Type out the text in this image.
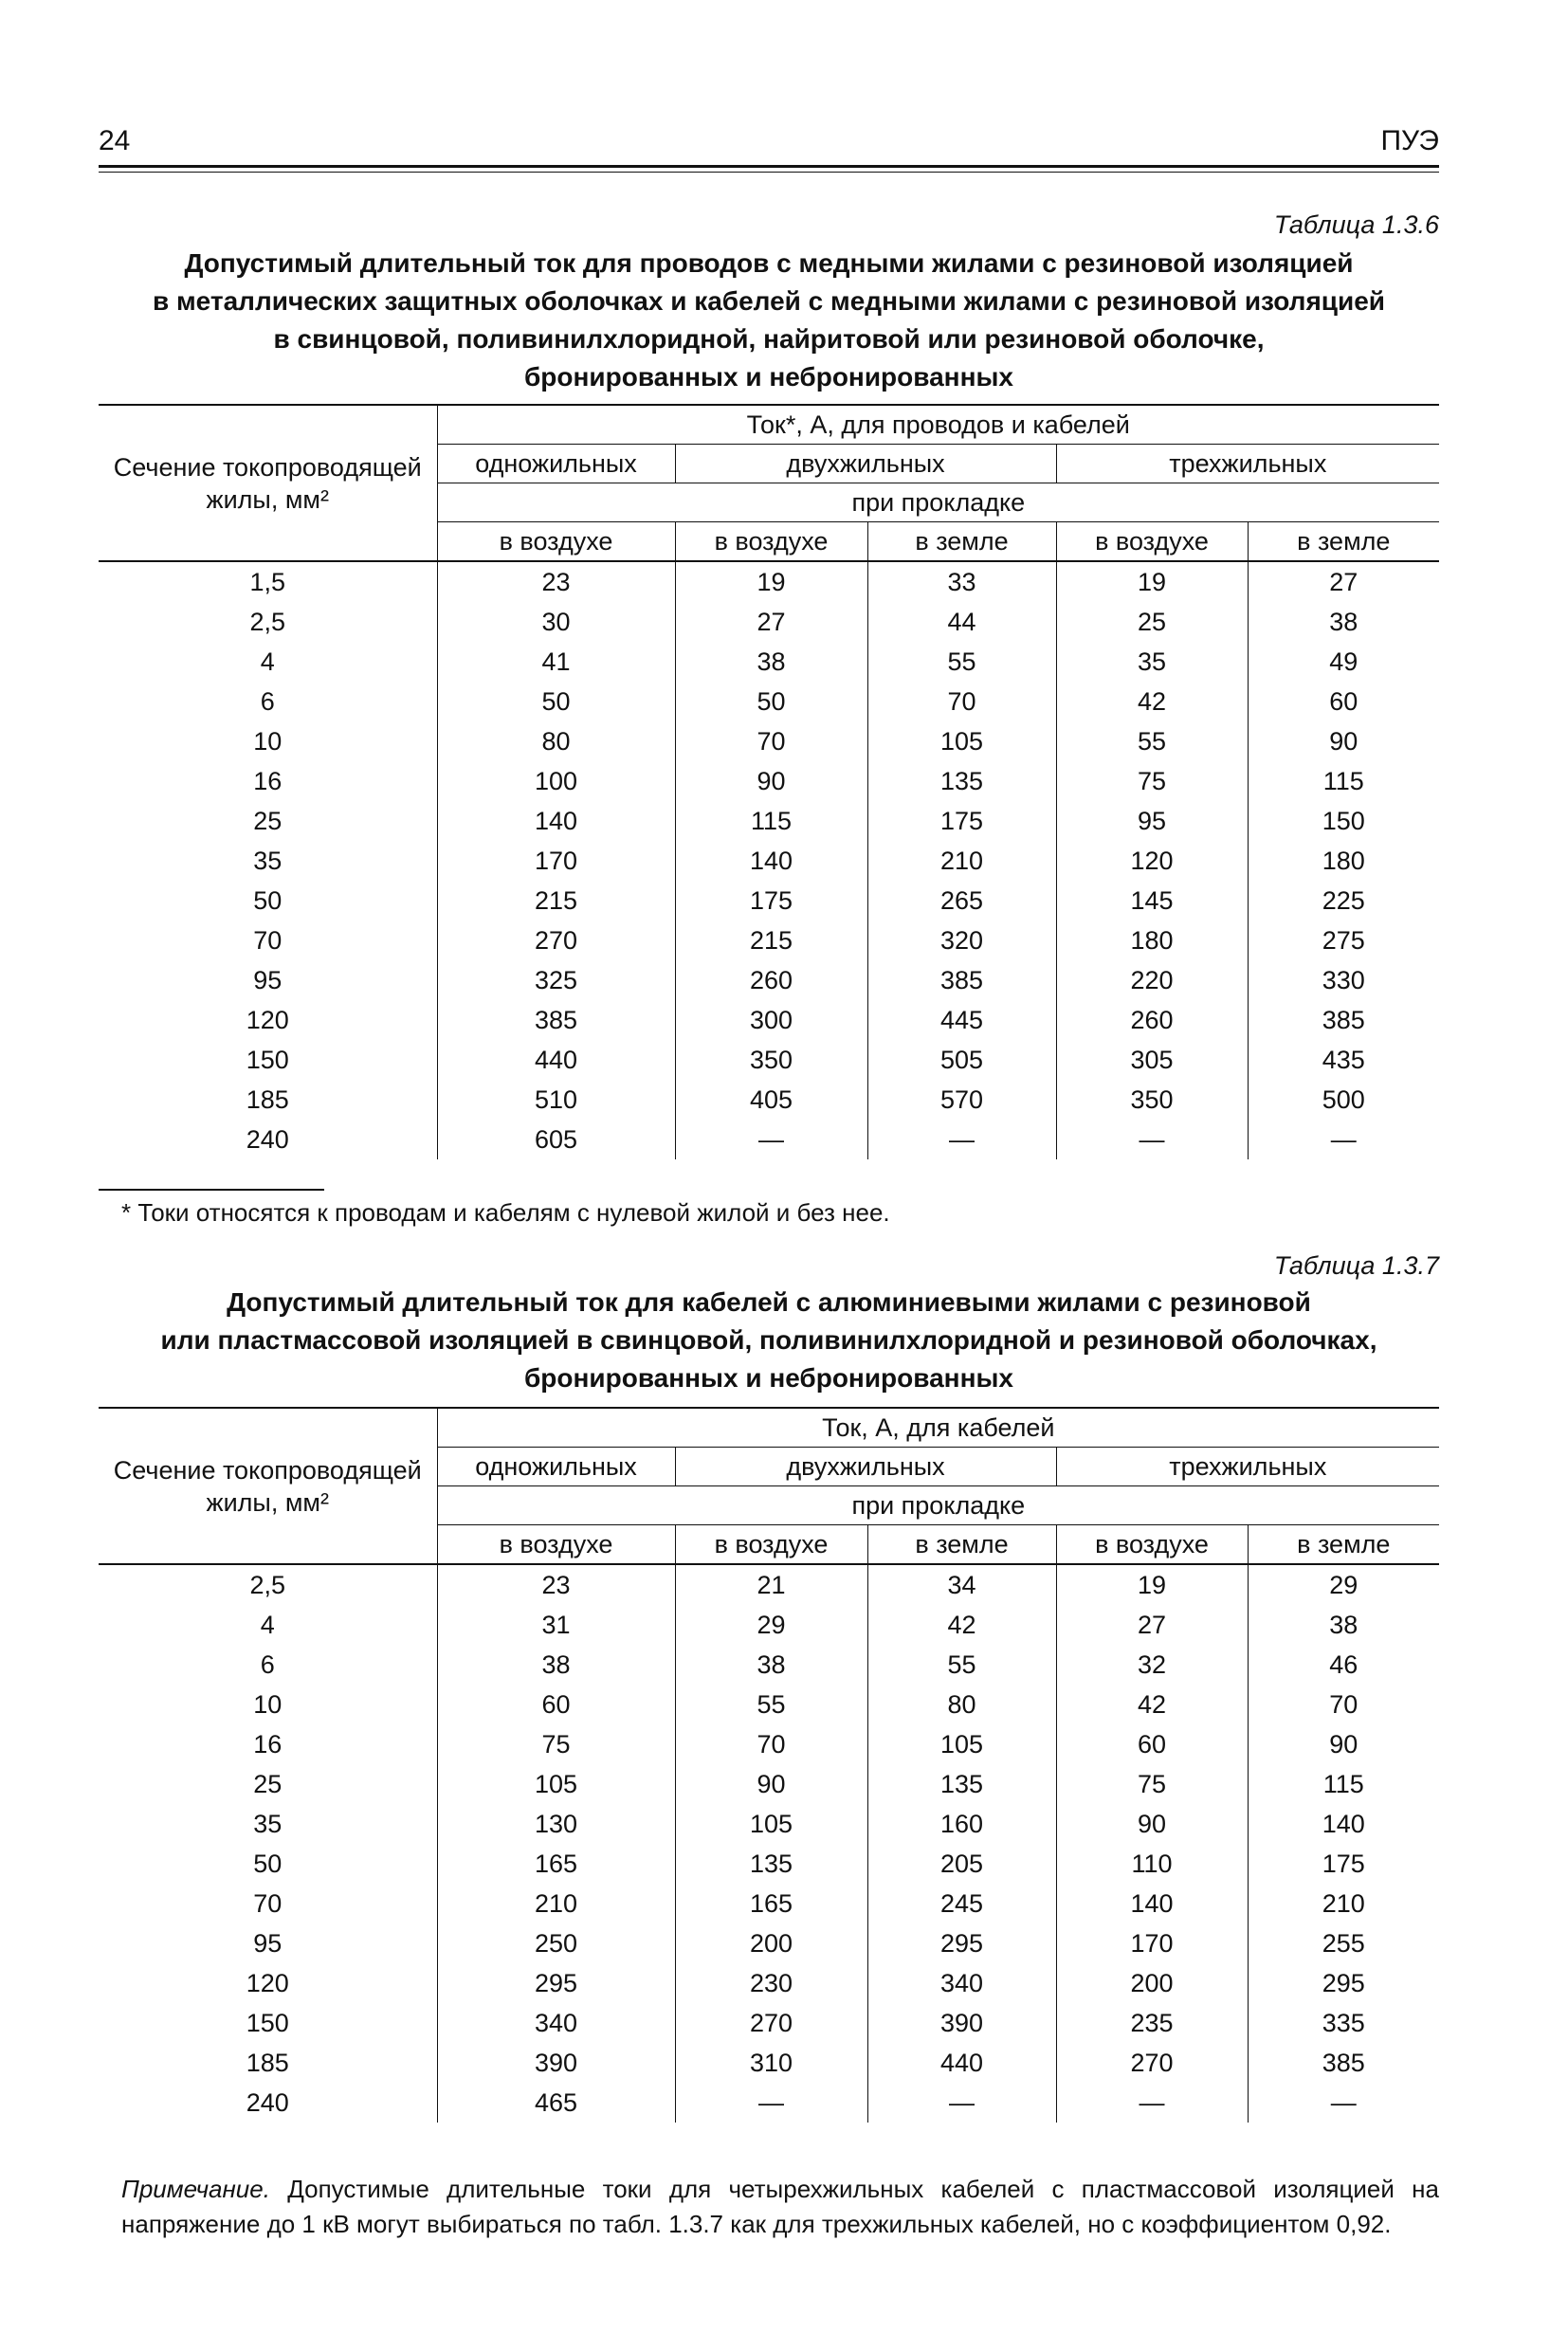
24	ПУЭ
Таблица 1.3.6
Допустимый длительный ток для проводов с медными жилами с резиновой изоляцией
в металлических защитных оболочках и кабелей с медными жилами с резиновой изоляцией
в свинцовой, поливинилхлоридной, найритовой или резиновой оболочке,
бронированных и небронированных
Сечение токопроводящей
жилы, мм²	Ток*, А, для проводов и кабелей				
	одножильных	двухжильных		трехжильных	
	при прокладке				
	в воздухе	в воздухе	в земле	в воздухе	в земле
1,5	23	19	33	19	27
2,5	30	27	44	25	38
4	41	38	55	35	49
6	50	50	70	42	60
10	80	70	105	55	90
16	100	90	135	75	115
25	140	115	175	95	150
35	170	140	210	120	180
50	215	175	265	145	225
70	270	215	320	180	275
95	325	260	385	220	330
120	385	300	445	260	385
150	440	350	505	305	435
185	510	405	570	350	500
240	605	—	—	—	—
* Токи относятся к проводам и кабелям с нулевой жилой и без нее.
Таблица 1.3.7
Допустимый длительный ток для кабелей с алюминиевыми жилами с резиновой
или пластмассовой изоляцией в свинцовой, поливинилхлоридной и резиновой оболочках,
бронированных и небронированных
Сечение токопроводящей
жилы, мм²	Ток, А, для кабелей				
	одножильных	двухжильных		трехжильных	
	при прокладке				
	в воздухе	в воздухе	в земле	в воздухе	в земле
2,5	23	21	34	19	29
4	31	29	42	27	38
6	38	38	55	32	46
10	60	55	80	42	70
16	75	70	105	60	90
25	105	90	135	75	115
35	130	105	160	90	140
50	165	135	205	110	175
70	210	165	245	140	210
95	250	200	295	170	255
120	295	230	340	200	295
150	340	270	390	235	335
185	390	310	440	270	385
240	465	—	—	—	—
Примечание. Допустимые длительные токи для четырехжильных кабелей с пластмассовой изоляцией на напряжение до 1 кВ могут выбираться по табл. 1.3.7 как для трехжильных кабелей, но с коэффициентом 0,92.
